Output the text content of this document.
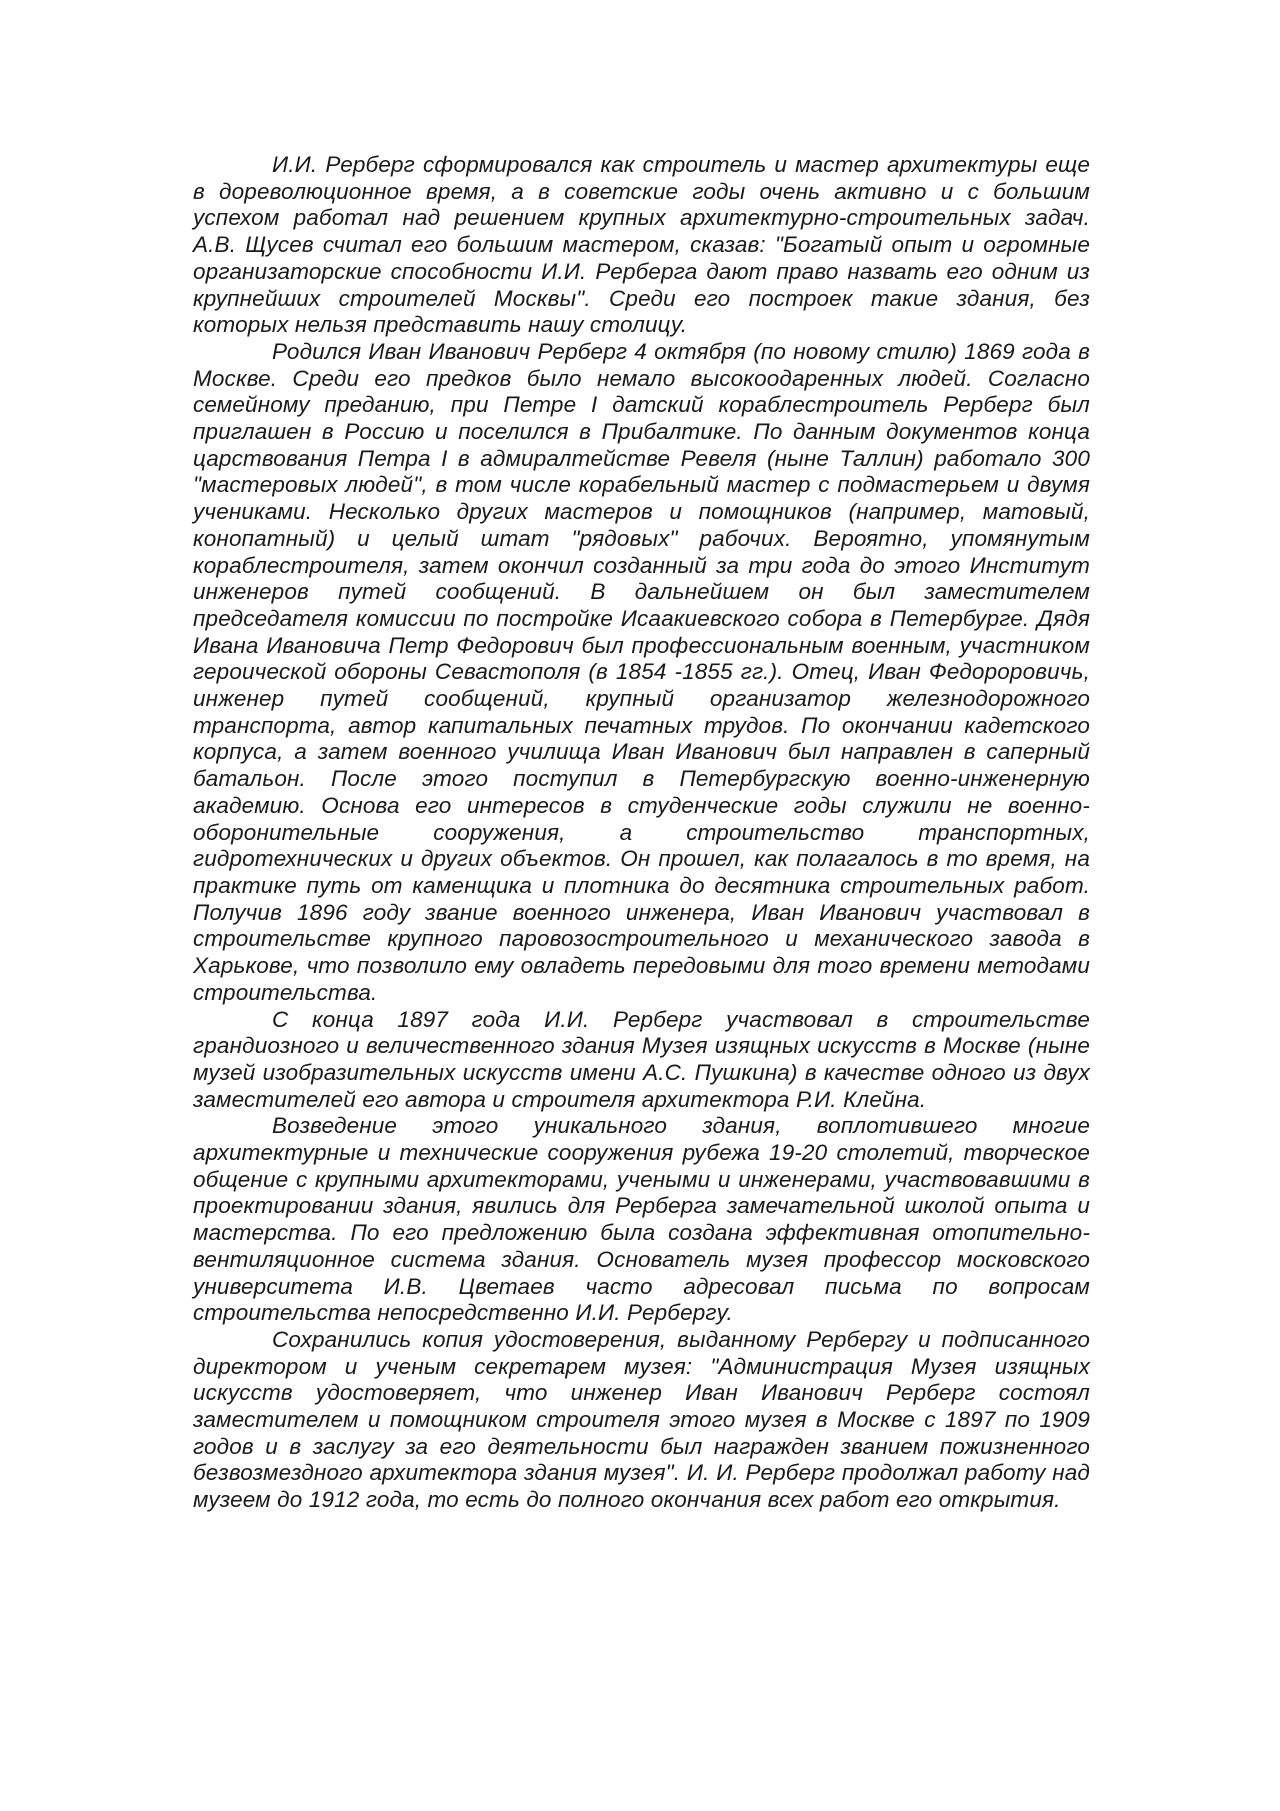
И.И. Рерберг сформировался как строитель и мастер архитектуры еще в дореволюционное время, а в советские годы очень активно и с большим успехом работал над решением крупных архитектурно-строительных задач. А.В. Щусев считал его большим мастером, сказав: "Богатый опыт и огромные организаторские способности И.И. Рерберга дают право назвать его одним из крупнейших строителей Москвы". Среди его построек такие здания, без которых нельзя представить нашу столицу.

Родился Иван Иванович Рерберг 4 октября (по новому стилю) 1869 года в Москве. Среди его предков было немало высокоодаренных людей. Согласно семейному преданию, при Петре I датский кораблестроитель Рерберг был приглашен в Россию и поселился в Прибалтике. По данным документов конца царствования Петра I в адмиралтействе Ревеля (ныне Таллин) работало 300 "мастеровых людей", в том числе корабельный мастер с подмастерьем и двумя учениками. Несколько других мастеров и помощников (например, матовый, конопатный) и целый штат "рядовых" рабочих. Вероятно, упомянутым кораблестроителя, затем окончил созданный за три года до этого Институт инженеров путей сообщений. В дальнейшем он был заместителем председателя комиссии по постройке Исаакиевского собора в Петербурге. Дядя Ивана Ивановича Петр Федорович был профессиональным военным, участником героической обороны Севастополя (в 1854 -1855 гг.). Отец, Иван Федороровичь, инженер путей сообщений, крупный организатор железнодорожного транспорта, автор капитальных печатных трудов. По окончании кадетского корпуса, а затем военного училища Иван Иванович был направлен в саперный батальон. После этого поступил в Петербургскую военно-инженерную академию. Основа его интересов в студенческие годы служили не военно-оборонительные сооружения, а строительство транспортных, гидротехнических и других объектов. Он прошел, как полагалось в то время, на практике путь от каменщика и плотника до десятника строительных работ. Получив 1896 году звание военного инженера, Иван Иванович участвовал в строительстве крупного паровозостроительного и механического завода в Харькове, что позволило ему овладеть передовыми для того времени методами строительства.

С конца 1897 года И.И. Рерберг участвовал в строительстве грандиозного и величественного здания Музея изящных искусств в Москве (ныне музей изобразительных искусств имени А.С. Пушкина) в качестве одного из двух заместителей его автора и строителя архитектора Р.И. Клейна.

Возведение этого уникального здания, воплотившего многие архитектурные и технические сооружения рубежа 19-20 столетий, творческое общение с крупными архитекторами, учеными и инженерами, участвовавшими в проектировании здания, явились для Рерберга замечательной школой опыта и мастерства. По его предложению была создана эффективная отопительно-вентиляционное система здания. Основатель музея профессор московского университета И.В. Цветаев часто адресовал письма по вопросам строительства непосредственно И.И. Рербергу.

Сохранились копия удостоверения, выданному Рербергу и подписанного директором и ученым секретарем музея: "Администрация Музея изящных искусств удостоверяет, что инженер Иван Иванович Рерберг состоял заместителем и помощником строителя этого музея в Москве с 1897 по 1909 годов и в заслугу за его деятельности был награжден званием пожизненного безвозмездного архитектора здания музея". И. И. Рерберг продолжал работу над музеем до 1912 года, то есть до полного окончания всех работ его открытия.
